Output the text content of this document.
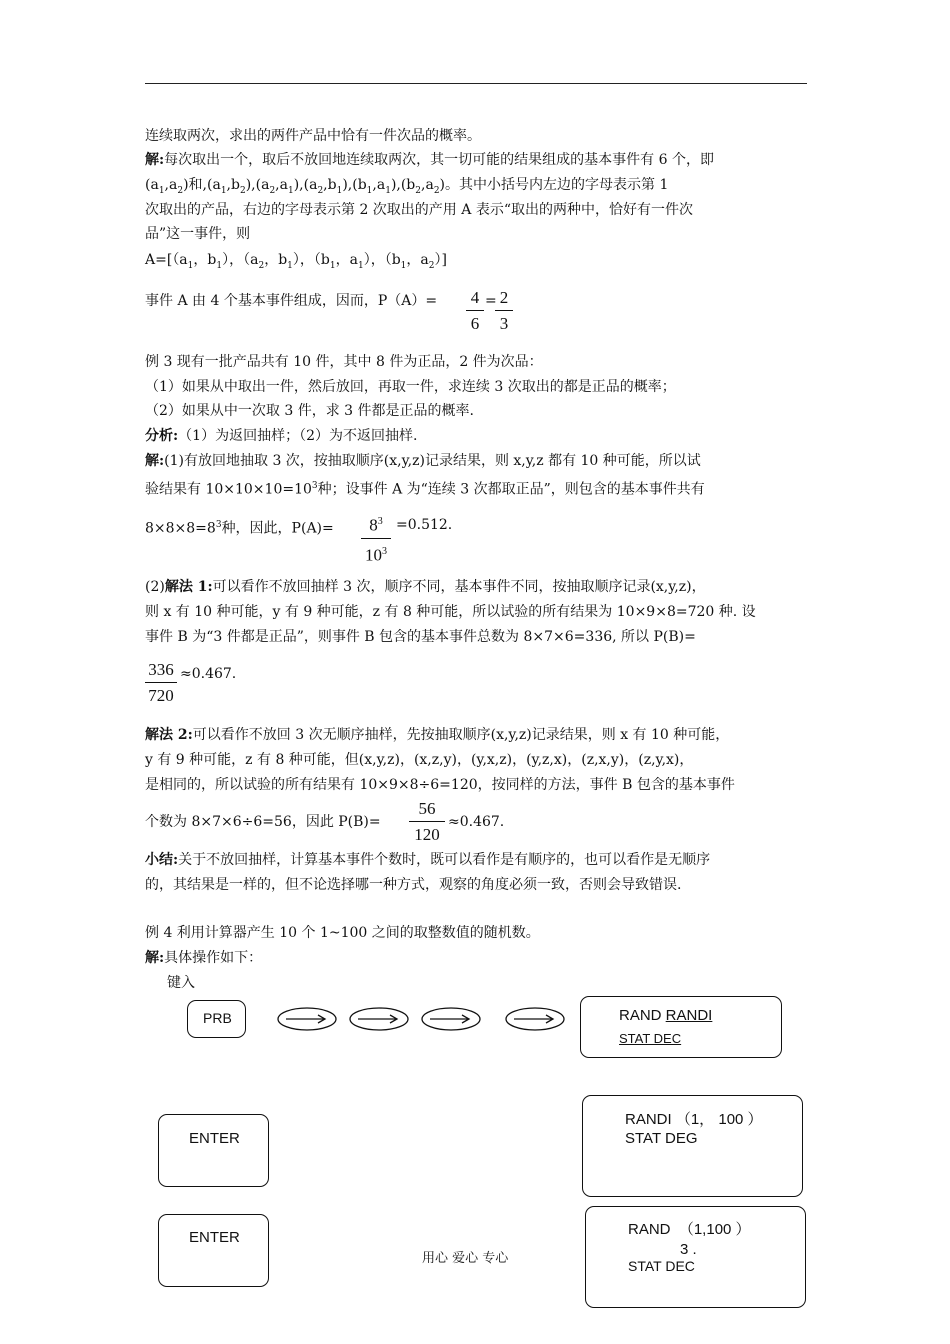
连续取两次，求出的两件产品中恰有一件次品的概率。
解:每次取出一个，取后不放回地连续取两次，其一切可能的结果组成的基本事件有 6 个，即
$(a_1,a_2)$和$,(a_1,b_2),(a_2,a_1),(a_2,b_1),(b_1,a_1),(b_2,a_2)$。其中小括号内左边的字母表示第 1
次取出的产品，右边的字母表示第 2 次取出的产用 A 表示“取出的两种中，恰好有一件次
品”这一事件，则
$A=[(a_1$，$b_1$），（$a_2$，$b_1$），（$b_1$，$a_1$），（$b_1$，$a_2$）]
事件 A 由 4 个基本事件组成，因而，$P(A)= \frac{4}{6}$ =
$\frac{2}{3}$
例 3 现有一批产品共有 10 件，其中 8 件为正品，2 件为次品：
（1）如果从中取出一件，然后放回，再取一件，求连续 3 次取出的都是正品的概率；
（2）如果从中一次取 3 件，求 3 件都是正品的概率.
分析:（1）为返回抽样；（2）为不返回抽样.
解:(1)有放回地抽取 3 次，按抽取顺序(x,y,z)记录结果，则 x,y,z 都有 10 种可能，所以试
验结果有 $10\times 10\times 10=10^3$种；设事件 A 为“连续 3 次都取正品”，则包含的基本事件共有
$8\times 8\times 8=8^3$种，因此，$P(A)= \frac{8^3}{10^3} =0.512$.
(2)解法 1:可以看作不放回抽样 3 次，顺序不同，基本事件不同，按抽取顺序记录(x,y,z)，
则 x 有 10 种可能，y 有 9 种可能，z 有 8 种可能，所以试验的所有结果为 10×9×8=720 种. 设
事件 B 为“3 件都是正品”，则事件 B 包含的基本事件总数为 8×7×6=336, 所以 P(B)=
$\frac{336}{720} \approx 0.467$.
解法 2:可以看作不放回 3 次无顺序抽样，先按抽取顺序(x,y,z)记录结果，则 x 有 10 种可能，
y 有 9 种可能，z 有 8 种可能，但(x,y,z)，(x,z,y)，(y,x,z)，(y,z,x)，(z,x,y)，(z,y,x)，
是相同的，所以试验的所有结果有 10×9×8÷6=120，按同样的方法，事件 B 包含的基本事件
个数为 8×7×6÷6=56，因此 $P(B)= \frac{56}{120} \approx 0.467$.
小结:关于不放回抽样，计算基本事件个数时，既可以看作是有顺序的，也可以看作是无顺序
的，其结果是一样的，但不论选择哪一种方式，观察的角度必须一致，否则会导致错误.
例 4 利用计算器产生 10 个 1~100 之间的取整数值的随机数。
解:具体操作如下：
键入
PRB	RAND RANDI
STAT DEC
ENTER
RANDI （1， 100 ）
STAT DEG
ENTER	RAND  （1,100 ）
3 .
STAT DEC
用心 爱心 专心
